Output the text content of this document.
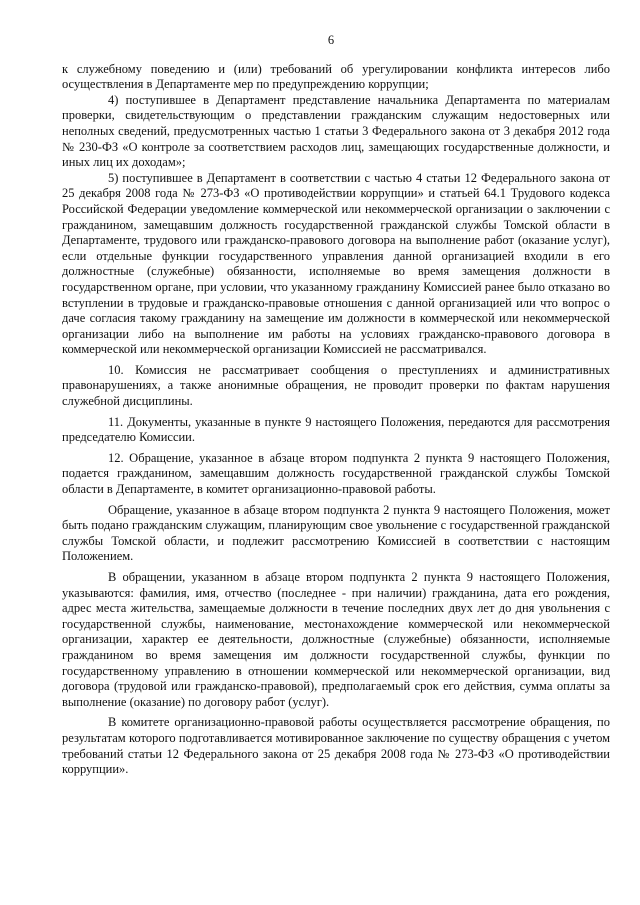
6

к служебному поведению и (или) требований об урегулировании конфликта интересов либо осуществления в Департаменте мер по предупреждению коррупции;

4) поступившее в Департамент представление начальника Департамента по материалам проверки, свидетельствующим о представлении гражданским служащим недостоверных или неполных сведений, предусмотренных частью 1 статьи 3 Федерального закона от 3 декабря 2012 года № 230-ФЗ «О контроле за соответствием расходов лиц, замещающих государственные должности, и иных лиц их доходам»;

5) поступившее в Департамент в соответствии с частью 4 статьи 12 Федерального закона от 25 декабря 2008 года № 273-ФЗ «О противодействии коррупции» и статьей 64.1 Трудового кодекса Российской Федерации уведомление коммерческой или некоммерческой организации о заключении с гражданином, замещавшим должность государственной гражданской службы Томской области в Департаменте, трудового или гражданско-правового договора на выполнение работ (оказание услуг), если отдельные функции государственного управления данной организацией входили в его должностные (служебные) обязанности, исполняемые во время замещения должности в государственном органе, при условии, что указанному гражданину Комиссией ранее было отказано во вступлении в трудовые и гражданско-правовые отношения с данной организацией или что вопрос о даче согласия такому гражданину на замещение им должности в коммерческой или некоммерческой организации либо на выполнение им работы на условиях гражданско-правового договора в коммерческой или некоммерческой организации Комиссией не рассматривался.

10. Комиссия не рассматривает сообщения о преступлениях и административных правонарушениях, а также анонимные обращения, не проводит проверки по фактам нарушения служебной дисциплины.

11. Документы, указанные в пункте 9 настоящего Положения, передаются для рассмотрения председателю Комиссии.

12. Обращение, указанное в абзаце втором подпункта 2 пункта 9 настоящего Положения, подается гражданином, замещавшим должность государственной гражданской службы Томской области в Департаменте, в комитет организационно-правовой работы.

Обращение, указанное в абзаце втором подпункта 2 пункта 9 настоящего Положения, может быть подано гражданским служащим, планирующим свое увольнение с государственной гражданской службы Томской области, и подлежит рассмотрению Комиссией в соответствии с настоящим Положением.

В обращении, указанном в абзаце втором подпункта 2 пункта 9 настоящего Положения, указываются: фамилия, имя, отчество (последнее - при наличии) гражданина, дата его рождения, адрес места жительства, замещаемые должности в течение последних двух лет до дня увольнения с государственной службы, наименование, местонахождение коммерческой или некоммерческой организации, характер ее деятельности, должностные (служебные) обязанности, исполняемые гражданином во время замещения им должности государственной службы, функции по государственному управлению в отношении коммерческой или некоммерческой организации, вид договора (трудовой или гражданско-правовой), предполагаемый срок его действия, сумма оплаты за выполнение (оказание) по договору работ (услуг).

В комитете организационно-правовой работы осуществляется рассмотрение обращения, по результатам которого подготавливается мотивированное заключение по существу обращения с учетом требований статьи 12 Федерального закона от 25 декабря 2008 года № 273-ФЗ «О противодействии коррупции».
